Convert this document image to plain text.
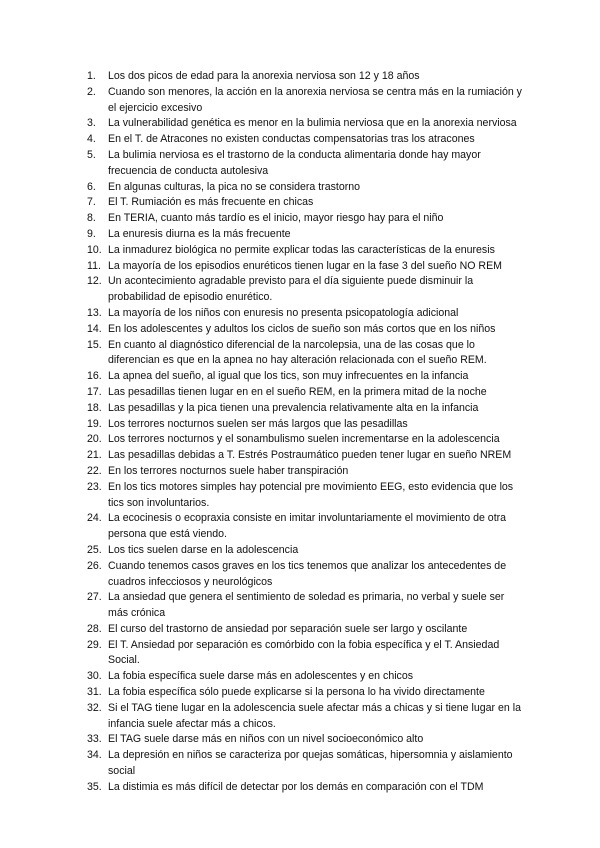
1.	Los dos picos de edad para la anorexia nerviosa son 12 y 18 años
2.	Cuando son menores, la acción en la anorexia nerviosa se centra más en la rumiación y el ejercicio excesivo
3.	La vulnerabilidad genética es menor en la bulimia nerviosa que en la anorexia nerviosa
4.	En el T. de Atracones no existen conductas compensatorias tras los atracones
5.	La bulimia nerviosa es el trastorno de la conducta alimentaria donde hay mayor frecuencia de conducta autolesiva
6.	En algunas culturas, la pica no se considera trastorno
7.	El T. Rumiación es más frecuente en chicas
8.	En TERIA, cuanto más tardío es el inicio, mayor riesgo hay para el niño
9.	La enuresis diurna es la más frecuente
10. La inmadurez biológica no permite explicar todas las características de la enuresis
11. La mayoría de los episodios enuréticos tienen lugar en la fase 3 del sueño NO REM
12. Un acontecimiento agradable previsto para el día siguiente puede disminuir la probabilidad de episodio enurético.
13. La mayoría de los niños con enuresis no presenta psicopatología adicional
14. En los adolescentes y adultos los ciclos de sueño son más cortos que en los niños
15. En cuanto al diagnóstico diferencial de la narcolepsia, una de las cosas que lo diferencian es que en la apnea no hay alteración relacionada con el sueño REM.
16. La apnea del sueño, al igual que los tics, son muy infrecuentes en la infancia
17. Las pesadillas tienen lugar en en el sueño REM, en la primera mitad de la noche
18. Las pesadillas y la pica tienen una prevalencia relativamente alta en la infancia
19. Los terrores nocturnos suelen ser más largos que las pesadillas
20. Los terrores nocturnos y el sonambulismo suelen incrementarse en la adolescencia
21. Las pesadillas debidas a T. Estrés Postraumático pueden tener lugar en sueño NREM
22. En los terrores nocturnos suele haber transpiración
23. En los tics motores simples hay potencial pre movimiento EEG, esto evidencia que los tics son involuntarios.
24. La ecocinesis o ecopraxia consiste en imitar involuntariamente el movimiento de otra persona que está viendo.
25. Los tics suelen darse en la adolescencia
26. Cuando tenemos casos graves en los tics tenemos que analizar los antecedentes de cuadros infecciosos y neurológicos
27. La ansiedad que genera el sentimiento de soledad es primaria, no verbal y suele ser más crónica
28. El curso del trastorno de ansiedad por separación suele ser largo y oscilante
29. El T. Ansiedad por separación es comórbido con la fobia específica y el T. Ansiedad Social.
30. La fobia específica suele darse más en adolescentes y en chicos
31. La fobia específica sólo puede explicarse si la persona lo ha vivido directamente
32. Si el TAG tiene lugar en la adolescencia suele afectar más a chicas y si tiene lugar en la infancia suele afectar más a chicos.
33. El TAG suele darse más en niños con un nivel socioeconómico alto
34. La depresión en niños se caracteriza por quejas somáticas, hipersomnia y aislamiento social
35. La distimia es más difícil de detectar por los demás en comparación con el TDM
